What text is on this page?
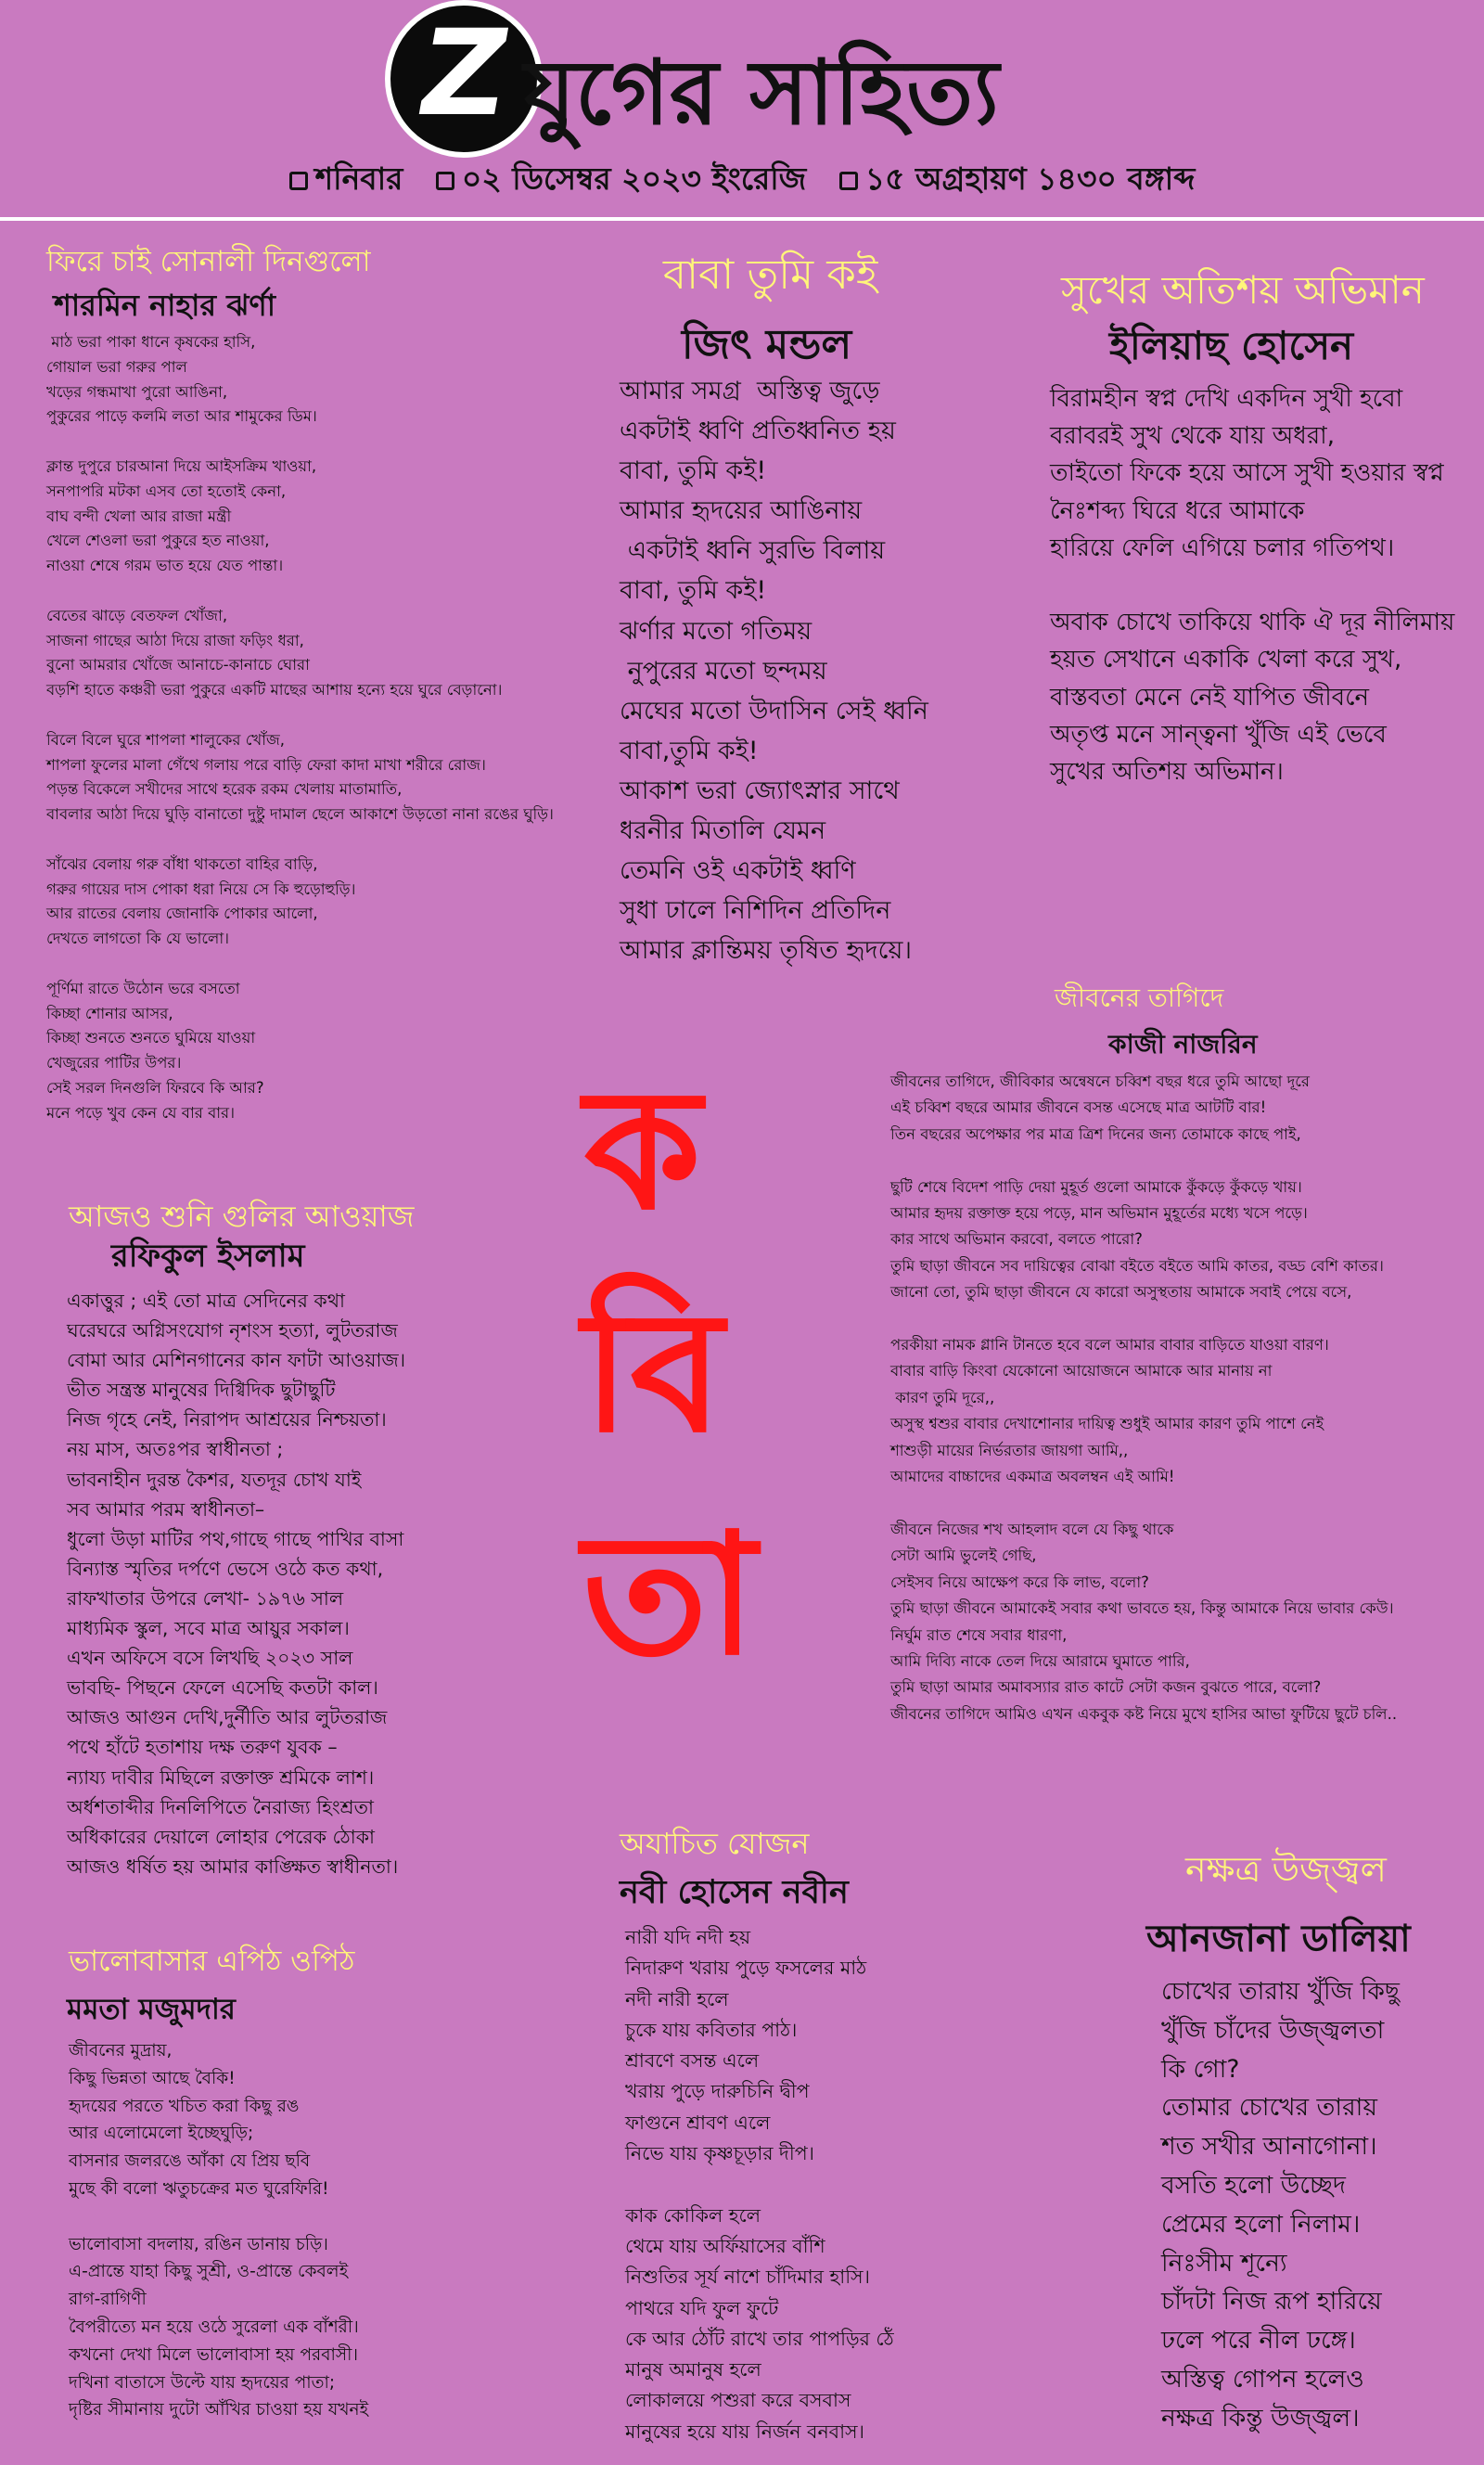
Z যুগের সাহিত্য
শনিবার ০২ ডিসেম্বর ২০২৩ ইংরেজি ১৫ অগ্রহায়ণ ১৪৩০ বঙ্গাব্দ
ফিরে চাই সোনালী দিনগুলো
শারমিন নাহার ঝর্ণা
মাঠ ভরা পাকা ধানে কৃষকের হাসি,
গোয়াল ভরা গরুর পাল
খড়ের গন্ধমাখা পুরো আঙিনা,
পুকুরের পাড়ে কলমি লতা আর শামুকের ডিম।

ক্লান্ত দুপুরে চারআনা দিয়ে আইসক্রিম খাওয়া,
সনপাপরি মটকা এসব তো হতোই কেনা,
বাঘ বন্দী খেলা আর রাজা মন্ত্রী
খেলে শেওলা ভরা পুকুরে হত নাওয়া,
নাওয়া শেষে গরম ভাত হয়ে যেত পান্তা।

বেতের ঝাড়ে বেতফল খোঁজা,
সাজনা গাছের আঠা দিয়ে রাজা ফড়িং ধরা,
বুনো আমরার খোঁজে আনাচে-কানাচে ঘোরা
বড়শি হাতে কঞ্চরী ভরা পুকুরে একটি মাছের আশায় হন্যে হয়ে ঘুরে বেড়ানো।

বিলে বিলে ঘুরে শাপলা শালুকের খোঁজ,
শাপলা ফুলের মালা গেঁথে গলায় পরে বাড়ি ফেরা কাদা মাখা শরীরে রোজ।
পড়ন্ত বিকেলে সখীদের সাথে হরেক রকম খেলায় মাতামাতি,
বাবলার আঠা দিয়ে ঘুড়ি বানাতো দুষ্টু দামাল ছেলে আকাশে উড়তো নানা রঙের ঘুড়ি।

সাঁঝের বেলায় গরু বাঁধা থাকতো বাহির বাড়ি,
গরুর গায়ের দাস পোকা ধরা নিয়ে সে কি হুড়োহুড়ি।
আর রাতের বেলায় জোনাকি পোকার আলো,
দেখতে লাগতো কি যে ভালো।

পূর্ণিমা রাতে উঠোন ভরে বসতো
কিচ্ছা শোনার আসর,
কিচ্ছা শুনতে শুনতে ঘুমিয়ে যাওয়া
খেজুরের পাটির উপর।
সেই সরল দিনগুলি ফিরবে কি আর?
মনে পড়ে খুব কেন যে বার বার।
আজও শুনি গুলির আওয়াজ
রফিকুল ইসলাম
একাত্তুর ; এই তো মাত্র সেদিনের কথা
ঘরেঘরে অগ্নিসংযোগ নৃশংস হত্যা, লুটতরাজ
বোমা আর মেশিনগানের কান ফাটা আওয়াজ।
ভীত সন্ত্রস্ত মানুষের দিগ্বিদিক ছুটাছুটি
নিজ গৃহে নেই, নিরাপদ আশ্রয়ের নিশ্চয়তা।
নয় মাস, অতঃপর স্বাধীনতা ;
ভাবনাহীন দুরন্ত কৈশর, যতদূর চোখ যাই
সব আমার পরম স্বাধীনতা–
ধুলো উড়া মাটির পথ,গাছে গাছে পাখির বাসা
বিন্যাস্ত স্মৃতির দর্পণে ভেসে ওঠে কত কথা,
রাফখাতার উপরে লেখা- ১৯৭৬ সাল
মাধ্যমিক স্কুল, সবে মাত্র আয়ুর সকাল।
এখন অফিসে বসে লিখছি ২০২৩ সাল
ভাবছি- পিছনে ফেলে এসেছি কতটা কাল।
আজও আগুন দেখি,দুর্নীতি আর লুটতরাজ
পথে হাঁটে হতাশায় দক্ষ তরুণ যুবক –
ন্যায্য দাবীর মিছিলে রক্তাক্ত শ্রমিকে লাশ।
অর্ধশতাব্দীর দিনলিপিতে নৈরাজ্য হিংশ্রতা
অধিকারের দেয়ালে লোহার পেরেক ঠোকা
আজও ধর্ষিত হয় আমার কাঙ্ক্ষিত স্বাধীনতা।
ভালোবাসার এপিঠ ওপিঠ
মমতা মজুমদার
জীবনের মুদ্রায়,
কিছু ভিন্নতা আছে বৈকি!
হৃদয়ের পরতে খচিত করা কিছু রঙ
আর এলোমেলো ইচ্ছেঘুড়ি;
বাসনার জলরঙে আঁকা যে প্রিয় ছবি
মুছে কী বলো ঋতুচক্রের মত ঘুরেফিরি!

ভালোবাসা বদলায়, রঙিন ডানায় চড়ি।
এ-প্রান্তে যাহা কিছু সুশ্রী, ও-প্রান্তে কেবলই
রাগ-রাগিণী
বৈপরীত্যে মন হয়ে ওঠে সুরেলা এক বাঁশরী।
কখনো দেখা মিলে ভালোবাসা হয় পরবাসী।
দখিনা বাতাসে উল্টে যায় হৃদয়ের পাতা;
দৃষ্টির সীমানায় দুটো আঁখির চাওয়া হয় যখনই
বাবা তুমি কই
জিৎ মন্ডল
আমার সমগ্র  অস্তিত্ব জুড়ে
একটাই ধ্বণি প্রতিধ্বনিত হয়
বাবা, তুমি কই!
আমার হৃদয়ের আঙিনায়
একটাই ধ্বনি সুরভি বিলায়
বাবা, তুমি কই!
ঝর্ণার মতো গতিময়
নুপুরের মতো ছন্দময়
মেঘের মতো উদাসিন সেই ধ্বনি
বাবা,তুমি কই!
আকাশ ভরা জ্যোৎস্নার সাথে
ধরনীর মিতালি যেমন
তেমনি ওই একটাই ধ্বণি
সুধা ঢালে নিশিদিন প্রতিদিন
আমার ক্লান্তিময় তৃষিত হৃদয়ে।
ক
বি
তা
অযাচিত যোজন
নবী হোসেন নবীন
নারী যদি নদী হয়
নিদারুণ খরায় পুড়ে ফসলের মাঠ
নদী নারী হলে
চুকে যায় কবিতার পাঠ।
শ্রাবণে বসন্ত এলে
খরায় পুড়ে দারুচিনি দ্বীপ
ফাগুনে শ্রাবণ এলে
নিভে যায় কৃষ্ণচূড়ার দীপ।

কাক কোকিল হলে
থেমে যায় অর্ফিয়াসের বাঁশি
নিশুতির সূর্য নাশে চাঁদিমার হাসি।
পাথরে যদি ফুল ফুটে
কে আর ঠোঁট রাখে তার পাপড়ির ঠেঁ
মানুষ অমানুষ হলে
লোকালয়ে পশুরা করে বসবাস
মানুষের হয়ে যায় নির্জন বনবাস।
সুখের অতিশয় অভিমান
ইলিয়াছ হোসেন
বিরামহীন স্বপ্ন দেখি একদিন সুখী হবো
বরাবরই সুখ থেকে যায় অধরা,
তাইতো ফিকে হয়ে আসে সুখী হওয়ার স্বপ্ন
নৈঃশব্দ্য ঘিরে ধরে আমাকে
হারিয়ে ফেলি এগিয়ে চলার গতিপথ।

অবাক চোখে তাকিয়ে থাকি ঐ দূর নীলিমায়
হয়ত সেখানে একাকি খেলা করে সুখ,
বাস্তবতা মেনে নেই যাপিত জীবনে
অতৃপ্ত মনে সান্ত্বনা খুঁজি এই ভেবে
সুখের অতিশয় অভিমান।
জীবনের তাগিদে
কাজী নাজরিন
জীবনের তাগিদে, জীবিকার অন্বেষনে চব্বিশ বছর ধরে তুমি আছো দূরে
এই চব্বিশ বছরে আমার জীবনে বসন্ত এসেছে মাত্র আটটি বার!
তিন বছরের অপেক্ষার পর মাত্র ত্রিশ দিনের জন্য তোমাকে কাছে পাই,

ছুটি শেষে বিদেশ পাড়ি দেয়া মুহূর্ত গুলো আমাকে কুঁকড়ে কুঁকড়ে খায়।
আমার হৃদয় রক্তাক্ত হয়ে পড়ে, মান অভিমান মুহূর্তের মধ্যে খসে পড়ে।
কার সাথে অভিমান করবো, বলতে পারো?
তুমি ছাড়া জীবনে সব দায়িত্বের বোঝা বইতে বইতে আমি কাতর, বড্ড বেশি কাতর।
জানো তো, তুমি ছাড়া জীবনে যে কারো অসুস্থতায় আমাকে সবাই পেয়ে বসে,

পরকীয়া নামক গ্লানি টানতে হবে বলে আমার বাবার বাড়িতে যাওয়া বারণ।
বাবার বাড়ি কিংবা যেকোনো আয়োজনে আমাকে আর মানায় না
কারণ তুমি দূরে,,
অসুস্থ শ্বশুর বাবার দেখাশোনার দায়িত্ব শুধুই আমার কারণ তুমি পাশে নেই
শাশুড়ী মায়ের নির্ভরতার জায়গা আমি,,
আমাদের বাচ্চাদের একমাত্র অবলম্বন এই আমি!

জীবনে নিজের শখ আহলাদ বলে যে কিছু থাকে
সেটা আমি ভুলেই গেছি,
সেইসব নিয়ে আক্ষেপ করে কি লাভ, বলো?
তুমি ছাড়া জীবনে আমাকেই সবার কথা ভাবতে হয়, কিন্তু আমাকে নিয়ে ভাবার কেউ।
নির্ঘুম রাত শেষে সবার ধারণা,
আমি দিব্যি নাকে তেল দিয়ে আরামে ঘুমাতে পারি,
তুমি ছাড়া আমার অমাবস্যার রাত কাটে সেটা কজন বুঝতে পারে, বলো?
জীবনের তাগিদে আমিও এখন একবুক কষ্ট নিয়ে মুখে হাসির আভা ফুটিয়ে ছুটে চলি..
নক্ষত্র উজ্জ্বল
আনজানা ডালিয়া
চোখের তারায় খুঁজি কিছু
খুঁজি চাঁদের উজ্জ্বলতা
কি গো?
তোমার চোখের তারায়
শত সখীর আনাগোনা।
বসতি হলো উচ্ছেদ
প্রেমের হলো নিলাম।
নিঃসীম শূন্যে
চাঁদটা নিজ রূপ হারিয়ে
ঢলে পরে নীল ঢঙ্গে।
অস্তিত্ব গোপন হলেও
নক্ষত্র কিন্তু উজ্জ্বল।
